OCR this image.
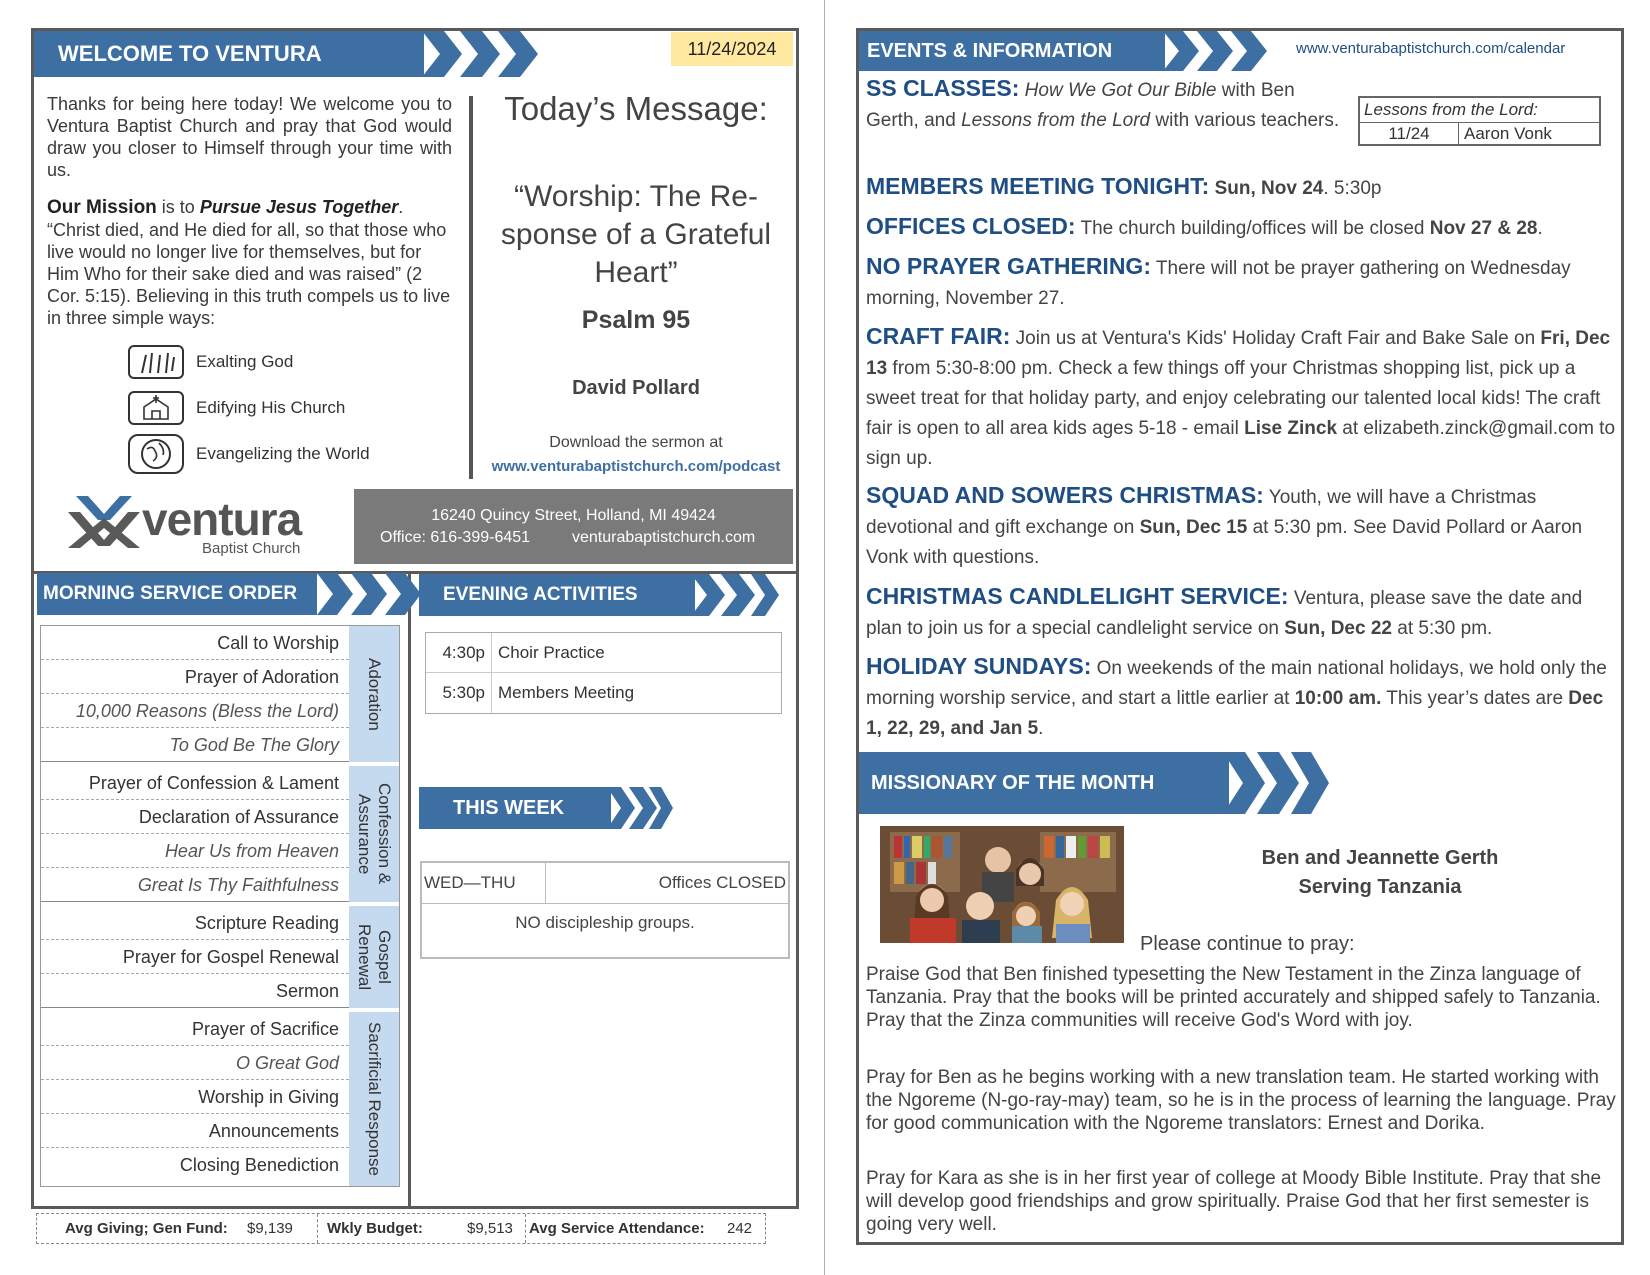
WELCOME TO VENTURA	11/24/2024
Thanks for being here today! We welcome you to Ventura Baptist Church and pray that God would draw you closer to Himself through your time with us.
Our Mission is to Pursue Jesus Together. “Christ died, and He died for all, so that those who live would no longer live for themselves, but for Him Who for their sake died and was raised” (2 Cor. 5:15). Believing in this truth compels us to live in three simple ways:
Exalting God
Edifying His Church
Evangelizing the World
Today’s Message:
“Worship: The Re-sponse of a Grateful Heart”
Psalm 95
David Pollard
Download the sermon at
www.venturabaptistchurch.com/podcast
ventura
Baptist Church
16240 Quincy Street, Holland, MI 49424
Office: 616-399-6451	venturabaptistchurch.com
MORNING SERVICE ORDER
Call to Worship
Prayer of Adoration
10,000 Reasons (Bless the Lord)
To God Be The Glory
Adoration
Prayer of Confession & Lament
Declaration of Assurance
Hear Us from Heaven
Great Is Thy Faithfulness
Confession & Assurance
Scripture Reading
Prayer for Gospel Renewal
Sermon
Gospel Renewal
Prayer of Sacrifice
O Great God
Worship in Giving
Announcements
Closing Benediction	Sacrificial Response
EVENING ACTIVITIES
4:30p Choir Practice
5:30p Members Meeting
THIS WEEK
WED—THU	Offices CLOSED
NO discipleship groups.
Avg Giving; Gen Fund: $9,139 Wkly Budget:	$9,513 Avg Service Attendance: 242
EVENTS & INFORMATION	www.venturabaptistchurch.com/calendar
Lessons from the Lord:
11/24	Aaron Vonk
SS CLASSES: How We Got Our Bible with Ben Gerth, and Lessons from the Lord with various teachers.
MEMBERS MEETING TONIGHT: Sun, Nov 24. 5:30p
OFFICES CLOSED: The church building/offices will be closed Nov 27 & 28.
NO PRAYER GATHERING: There will not be prayer gathering on Wednesday morning, November 27.
CRAFT FAIR: Join us at Ventura's Kids' Holiday Craft Fair and Bake Sale on Fri, Dec 13 from 5:30-8:00 pm. Check a few things off your Christmas shopping list, pick up a sweet treat for that holiday party, and enjoy celebrating our talented local kids! The craft fair is open to all area kids ages 5-18 - email Lise Zinck at elizabeth.zinck@gmail.com to sign up.
SQUAD AND SOWERS CHRISTMAS: Youth, we will have a Christmas devotional and gift exchange on Sun, Dec 15 at 5:30 pm. See David Pollard or Aaron Vonk with questions.
CHRISTMAS CANDLELIGHT SERVICE: Ventura, please save the date and plan to join us for a special candlelight service on Sun, Dec 22 at 5:30 pm.
HOLIDAY SUNDAYS: On weekends of the main national holidays, we hold only the morning worship service, and start a little earlier at 10:00 am. This year’s dates are Dec 1, 22, 29, and Jan 5.
MISSIONARY OF THE MONTH
Ben and Jeannette Gerth
Serving Tanzania
Please continue to pray:
Praise God that Ben finished typesetting the New Testament in the Zinza language of Tanzania. Pray that the books will be printed accurately and shipped safely to Tanzania. Pray that the Zinza communities will receive God's Word with joy.
Pray for Ben as he begins working with a new translation team. He started working with the Ngoreme (N-go-ray-may) team, so he is in the process of learning the language. Pray for good communication with the Ngoreme translators: Ernest and Dorika.
Pray for Kara as she is in her first year of college at Moody Bible Institute. Pray that she will develop good friendships and grow spiritually. Praise God that her first semester is going very well.
